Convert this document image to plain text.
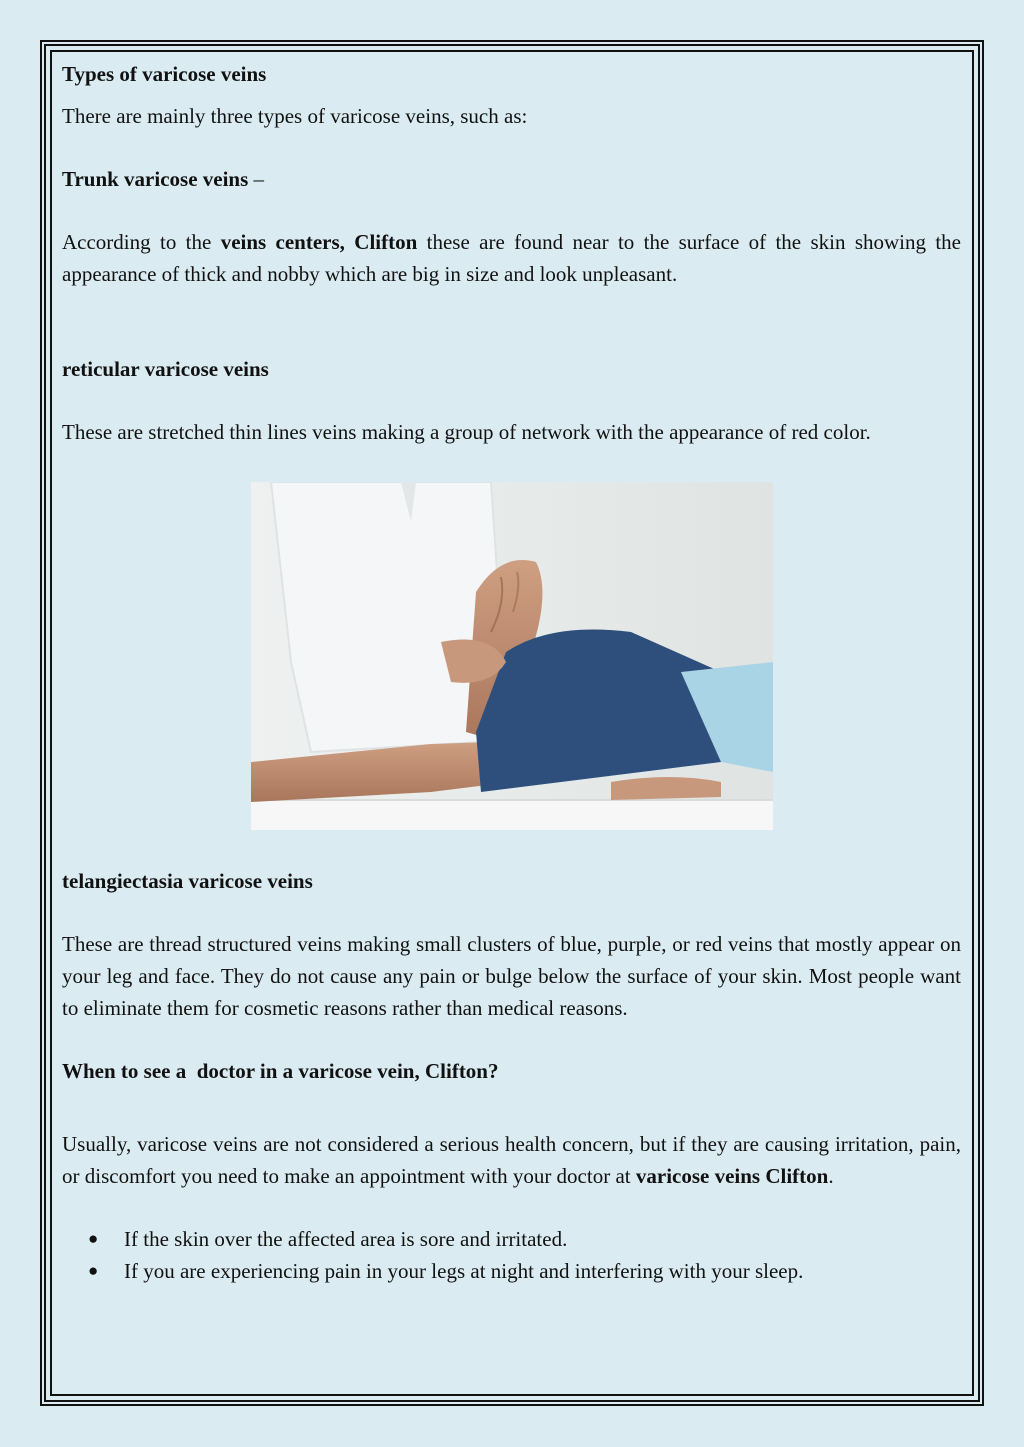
Types of varicose veins

There are mainly three types of varicose veins, such as:

Trunk varicose veins –

According to the veins centers, Clifton these are found near to the surface of the skin showing the appearance of thick and nobby which are big in size and look unpleasant.

reticular varicose veins

These are stretched thin lines veins making a group of network with the appearance of red color.

telangiectasia varicose veins

These are thread structured veins making small clusters of blue, purple, or red veins that mostly appear on your leg and face. They do not cause any pain or bulge below the surface of your skin. Most people want to eliminate them for cosmetic reasons rather than medical reasons.

When to see a  doctor in a varicose vein, Clifton?

Usually, varicose veins are not considered a serious health concern, but if they are causing irritation, pain, or discomfort you need to make an appointment with your doctor at varicose veins Clifton.

● If the skin over the affected area is sore and irritated.
● If you are experiencing pain in your legs at night and interfering with your sleep.
